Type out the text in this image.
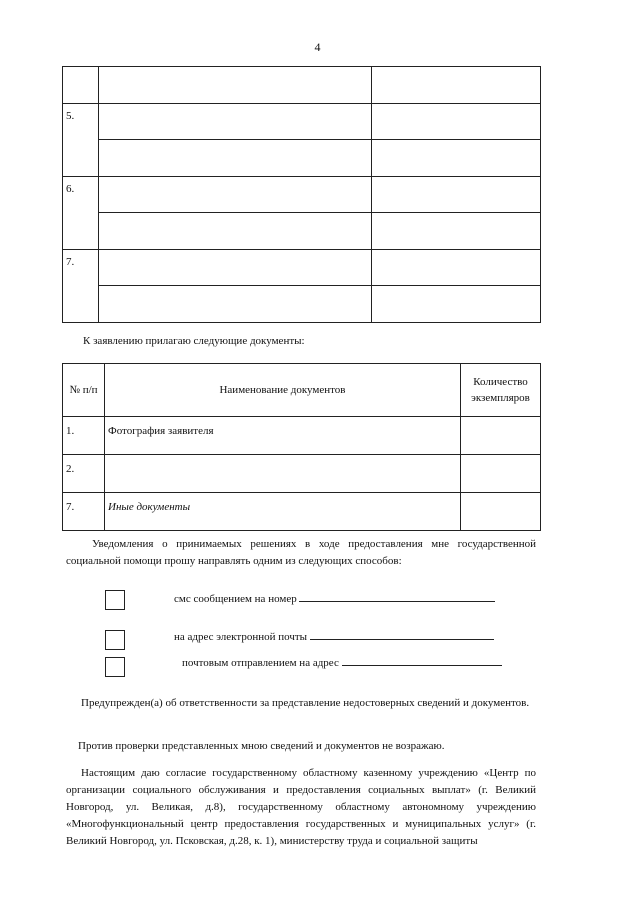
4

5.		

6.		

7.		

К заявлению прилагаю следующие документы:
№ п/п	Наименование документов	Количество экземпляров
1.	Фотография заявителя	
2.		
7.	Иные документы	
Уведомления о принимаемых решениях в ходе предоставления мне государственной социальной помощи прошу направлять одним из следующих способов:
смс сообщением на номер
на адрес электронной почты
почтовым отправлением на адрес
Предупрежден(а) об ответственности за представление недостоверных сведений и документов.
Против проверки представленных мною сведений и документов не возражаю.
Настоящим даю согласие государственному областному казенному учреждению «Центр по организации социального обслуживания и предоставления социальных выплат» (г. Великий Новгород, ул. Великая, д.8), государственному областному автономному учреждению «Многофункциональный центр предоставления государственных и муниципальных услуг» (г. Великий Новгород, ул. Псковская, д.28, к. 1), министерству труда и социальной защиты
